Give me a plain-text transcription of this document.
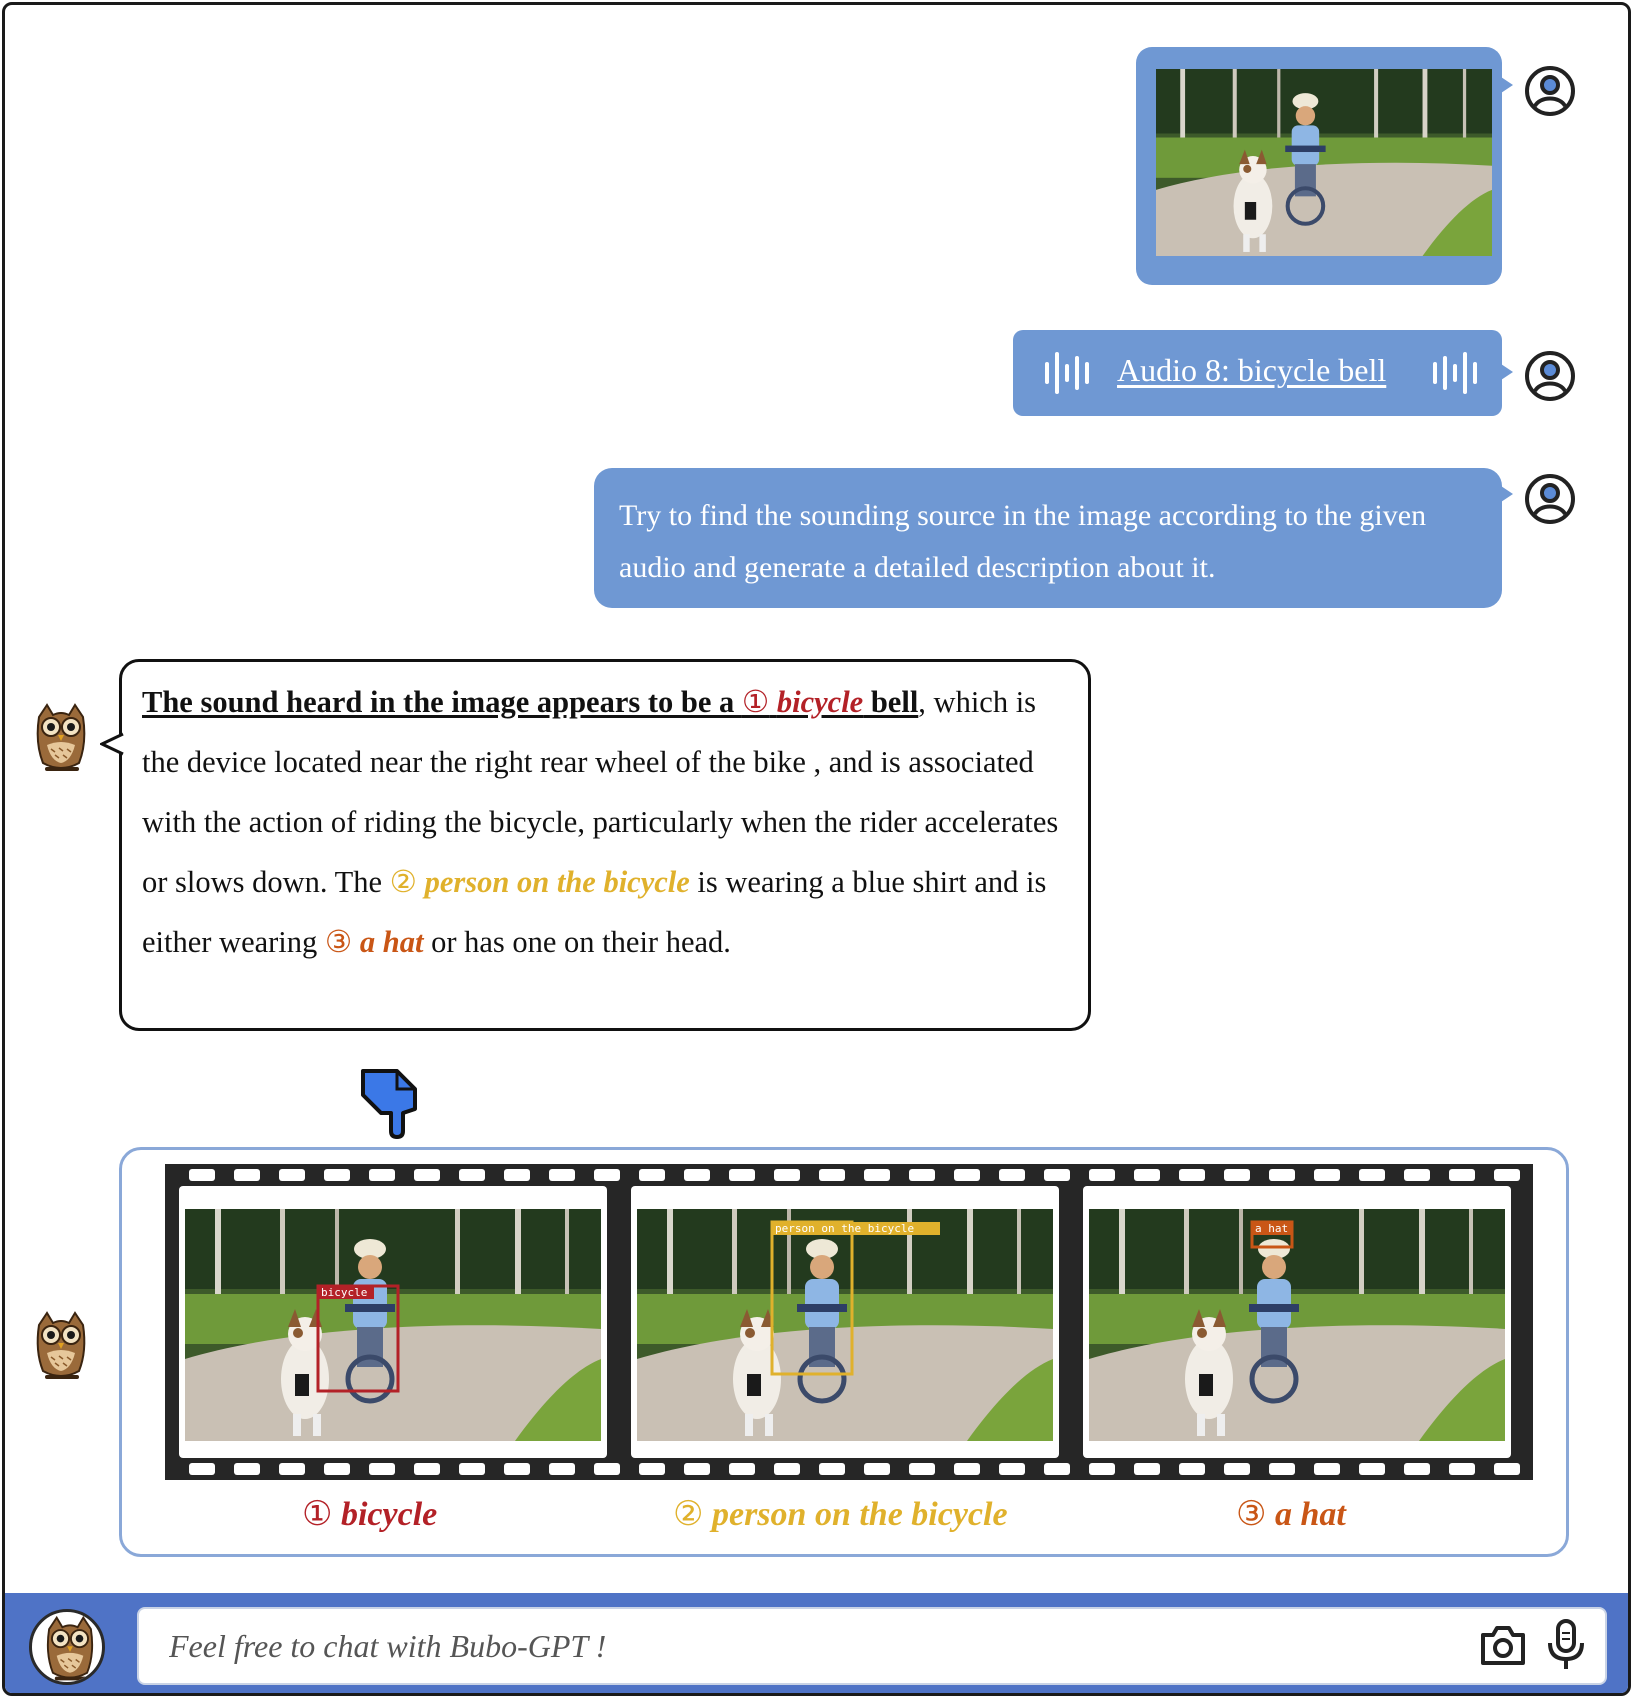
Audio 8: bicycle bell
Try to find the sounding source in the image according to the given audio and generate a detailed description about it.
The sound heard in the image appears to be a ① bicycle bell, which is the device located near the right rear wheel of the bike , and is associated with the action of riding the bicycle, particularly when the rider accelerates or slows down. The ② person on the bicycle is wearing a blue shirt and is either wearing ③ a hat or has one on their head.
bicycle
person on the bicycle	a hat
① bicycle	② person on the bicycle	③ a hat
Feel free to chat with Bubo-GPT !
